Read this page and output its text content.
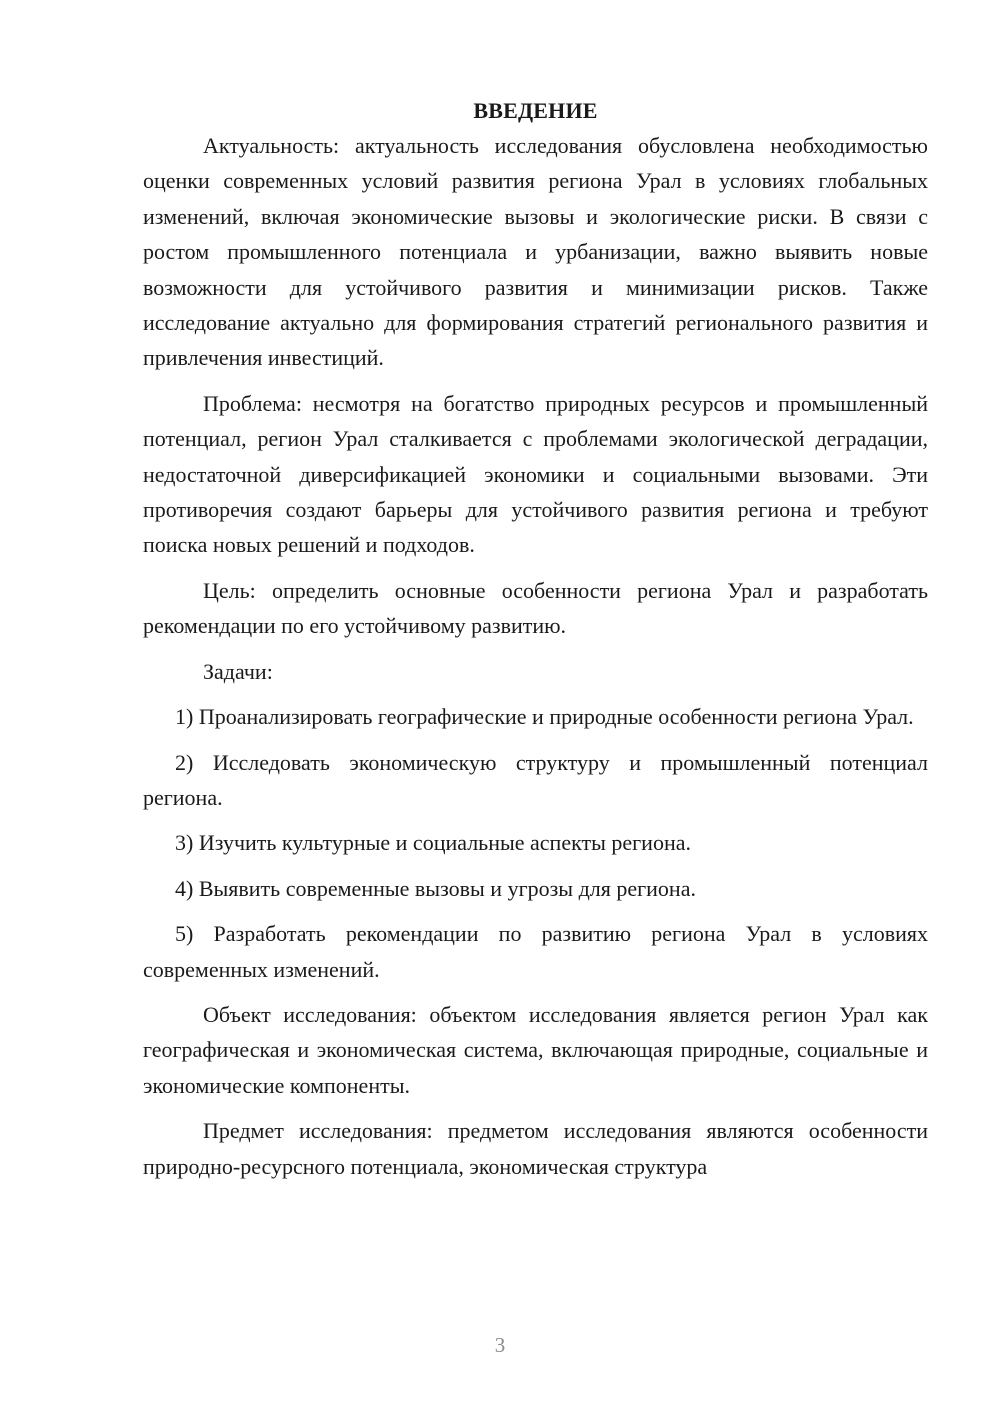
ВВЕДЕНИЕ

Актуальность: актуальность исследования обусловлена необходимостью оценки современных условий развития региона Урал в условиях глобальных изменений, включая экономические вызовы и экологические риски. В связи с ростом промышленного потенциала и урбанизации, важно выявить новые возможности для устойчивого развития и минимизации рисков. Также исследование актуально для формирования стратегий регионального развития и привлечения инвестиций.

Проблема: несмотря на богатство природных ресурсов и промышленный потенциал, регион Урал сталкивается с проблемами экологической деградации, недостаточной диверсификацией экономики и социальными вызовами. Эти противоречия создают барьеры для устойчивого развития региона и требуют поиска новых решений и подходов.

Цель: определить основные особенности региона Урал и разработать рекомендации по его устойчивому развитию.

Задачи:

1) Проанализировать географические и природные особенности региона Урал.

2) Исследовать экономическую структуру и промышленный потенциал региона.

3) Изучить культурные и социальные аспекты региона.

4) Выявить современные вызовы и угрозы для региона.

5) Разработать рекомендации по развитию региона Урал в условиях современных изменений.

Объект исследования: объектом исследования является регион Урал как географическая и экономическая система, включающая природные, социальные и экономические компоненты.

Предмет исследования: предметом исследования являются особенности природно-ресурсного потенциала, экономическая структура

3
